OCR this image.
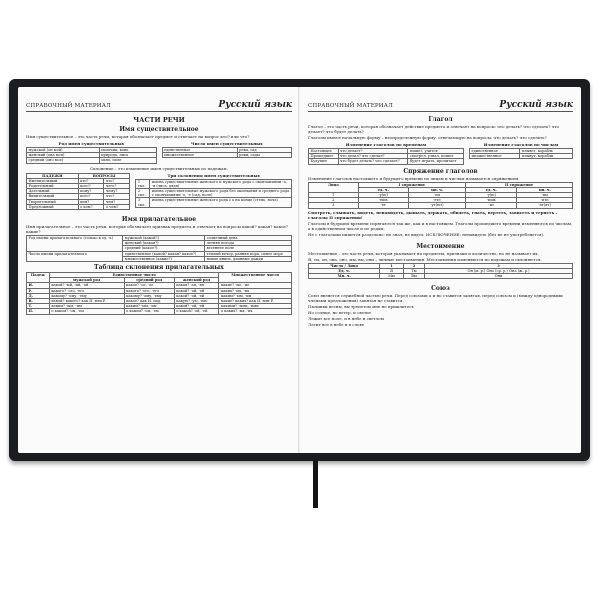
СПРАВОЧНЫЙ МАТЕРИАЛ	Русский язык
ЧАСТИ РЕЧИ
Имя существительное
Имя существительное – это часть речи, которая обозначает предмет и отвечает на вопрос кто? или что?
Род имен существительных
мужской (он мой)	мальчик, конь
женский (она моя)	природа, лиса
средний (оно мое)	окно, поле
Число имен существительных
единственное	река, сад
множественное	реки, сады
Склонение – это изменение имен существительных по падежам.
ПАДЕЖИ	ВОПРОСЫ	
Именительный	кто?	что?
Родительный	кого?	чего?
Дательный	кому?	чему?
Винительный	кого?	что?
Творительный	кем?	чем?
Предложный	о ком?	о чем?
Три склонения имен существительных
1 скл.	имена существительные женского и мужского рода с окончаниями -а, -я (лиса, дядя)
2 скл.	имена существительные мужского рода без окончания и среднего рода с окончаниями -о, -е (сад, поле)
3 скл.	имена существительные женского рода с ь на конце (степь, ночь)
Имя прилагательное
Имя прилагательное – это часть речи, которая обозначает признак предмета и отвечает на вопросы какой? какая? какое? какие?
Род имени прилагательного (только в ед. ч.)	мужской (какой?)	солнечный день
	женский (какая?)	летняя погода
	средний (какое?)	весеннее поле
Число имени прилагательного	единственное (какой? какая? какое?)	теплый вечер, ранняя пора, синее море
	множественное (какие?)	новые книги, длинные дожди
Таблица склонения прилагательных
Падеж	Единственное число			Множественное число
	мужской род	средний род	женский род	
И.	какой? -ый, -ий, -ой	какое? -ое, -ее	какая? -ая, -яя	какие? -ые, -ие
Р.	какого? -ого, -его	какого? -ого, -его	какой? -ой, -ей	каких? -ых, -их
Д.	какому? -ому, -ему	какому? -ому, -ему	какой? -ой, -ей	каким? -ым, -им
В.	какой? какого? как И. или Р.	какое? как И. пад.	какую? -ую, -юю	какие? каких? как И. или Р.
Т.	каким? -ым, -им	каким? -ым, -им	какой? -ой, -ей	какими? -ыми, -ими
П.	о каком? -ом, -ем	о каком? -ом, -ем	о какой? -ой, -ей	о каких? -ых, -их
СПРАВОЧНЫЙ МАТЕРИАЛ	Русский язык
Глагол
Глагол – это часть речи, которая обозначает действие предмета и отвечает на вопросы: что делать? что сделать? что делает? что будет делать?
Глаголы имеют начальную форму – неопределенную форму, отвечающую на вопросы: что делать? что сделать?
Изменение глаголов по временам
Настоящее	что делает?	пишет, учится
Прошедшее	что делал? что сделал?	смотрел, узнал, пошел
Будущее	что будет делать? что сделает?	будет играть, прочитает
Изменение глаголов по числам
единственное	плывет, корабль
множественное	плывут, корабли
Спряжение глаголов
Изменение глаголов настоящего и будущего времени по лицам и числам называется спряжением.
Лицо	I спряжение		II спряжение	
	ед. ч.	мн. ч.	ед. ч.	мн. ч.
1	-у(ю)	-ем	-у(ю)	-им
2	-ешь	-ете	-ишь	-ите
3	-ет	-ут(ют)	-ит	-ат(ят)
Смотреть, слышать, видеть, ненавидеть, дышать, держать, обидеть, гнать, вертеть, зависеть и терпеть – глаголы II спряжения!
Глаголы в будущем времени спрягаются так же, как и в настоящем. Глаголы прошедшего времени изменяются по числам, а в единственном числе и по родам.
Не с глаголами пишется раздельно: не знал, не видел. ИСКЛЮЧЕНИЕ: ненавидеть (без не не употребляется).
Местоимение
Местоимение – это часть речи, которая указывает на предметы, признаки и количество, но не называет их.
Я, ты, он, она, оно, мы, вы, они – личные местоимения. Местоимения изменяются по падежам и склоняются.
Число / Лицо	1	2	3
Ед. ч.	Я	Ты	Он (м. р.) Оно (ср. р.) Она (ж. р.)
Мн. ч.	Мы	Вы	Они
Союз
Союз является служебной частью речи. Перед союзами а и но ставится запятая, перед союзом и (между однородными членами предложения) запятая не ставится.
Пылинки весны, вы трепетом мне не пришлитесь
Но солнце, но ветер, и светит
Лежит все поле, и в небе и светлом
Летит все в небе и в слове
